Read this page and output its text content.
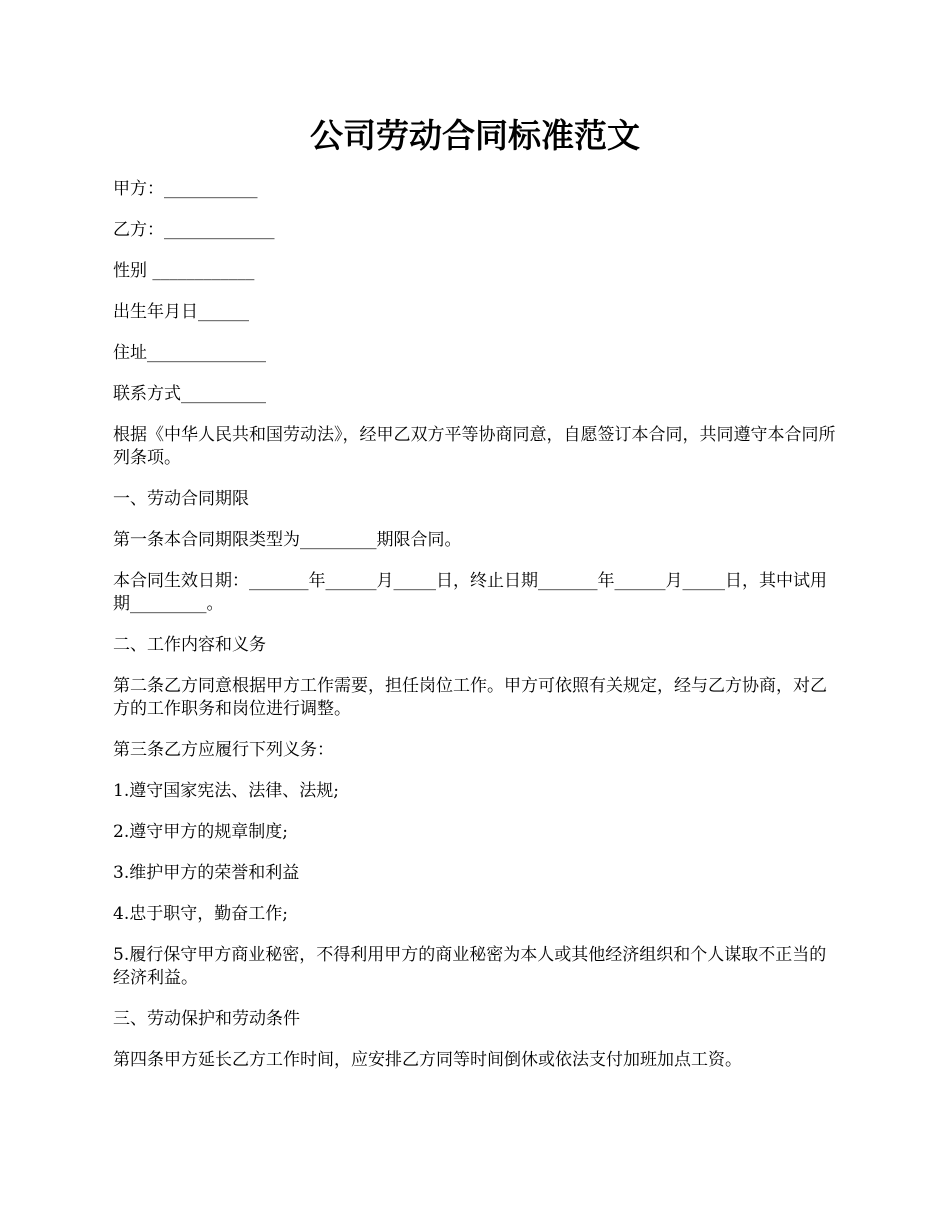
公司劳动合同标准范文

甲方：___________

乙方：_____________

性别 ____________

出生年月日______

住址______________

联系方式__________

根据《中华人民共和国劳动法》，经甲乙双方平等协商同意，自愿签订本合同，共同遵守本合同所列条项。

一、劳动合同期限

第一条本合同期限类型为_________期限合同。

本合同生效日期：_______年______月_____日，终止日期_______年______月_____日，其中试用期_________。

二、工作内容和义务

第二条乙方同意根据甲方工作需要，担任岗位工作。甲方可依照有关规定，经与乙方协商，对乙方的工作职务和岗位进行调整。

第三条乙方应履行下列义务：

1.遵守国家宪法、法律、法规;

2.遵守甲方的规章制度;

3.维护甲方的荣誉和利益

4.忠于职守，勤奋工作;

5.履行保守甲方商业秘密，不得利用甲方的商业秘密为本人或其他经济组织和个人谋取不正当的经济利益。

三、劳动保护和劳动条件

第四条甲方延长乙方工作时间，应安排乙方同等时间倒休或依法支付加班加点工资。
